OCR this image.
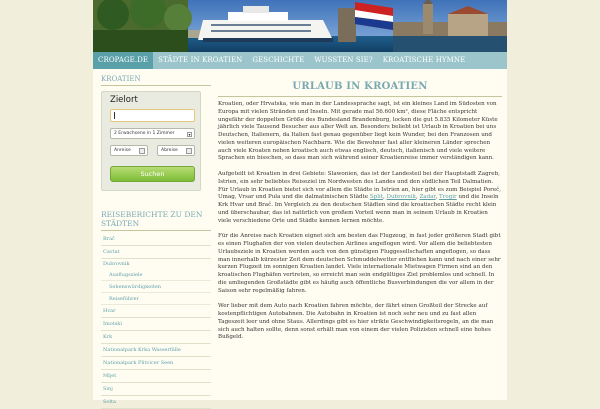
CROPAGE.DE	STÄDTE IN KROATIEN	GESCHICHTE	WUSSTEN SIE?	KROATISCHE HYMNE
KROATIEN
Zielort
2 Erwachsene in 1 Zimmer	▾
Anreise	Abreise
Suchen
REISEBERICHTE ZU DEN STÄDTEN
Brač
Cavtat
Dubrovnik
Ausflugsziele
Sehenswürdigkeiten
Reiseführer
Hvar
Imotski
Krk
Nationalpark Krka Wasserfälle
Nationalpark Plitvicer Seen
Mljet
Sinj
Solta
URLAUB IN KROATIEN

Kroatien, oder Hrvatska, wie man in der Landessprache sagt, ist ein kleines Land im Südosten von Europa mit vielen Stränden und Inseln. Mit gerade mal 56.600 km², diese Fläche entspricht ungefähr der doppelten Größe des Bundesland Brandenburg, locken die gut 5.835 Kilometer Küste jährlich viele Tausend Besucher aus aller Welt an. Besonders beliebt ist Urlaub in Kroatien bei uns Deutschen, Italienern, da Italien fast genau gegenüber liegt kein Wunder, bei den Franzosen und vielen weiteren europäischen Nachbarn. Wie die Bewohner fast aller kleineren Länder sprechen auch viele Kroaten neben kroatisch auch etwas englisch, deutsch, italienisch und viele weitere Sprachen ein bisschen, so dass man sich während seiner Kroatienreise immer verständigen kann.

Aufgeteilt ist Kroatien in drei Gebiete: Slawonien, das ist der Landesteil bei der Hauptstadt Zagreb, Istrien, ein sehr beliebtes Reiseziel im Nordwesten des Landes und den südlichen Teil Dalmatien. Für Urlaub in Kroatien bietet sich vor allem die Städte in Istrien an, hier gibt es zum Beispiel Poreč, Umag, Vrsar und Pula und die dalmatinischen Städte Split, Dubrovnik, Zadar, Trogir und die Inseln Krk Hvar und Brač. Im Vergleich zu den deutschen Städten sind die kroatischen Städte recht klein und überschaubar, das ist natürlich von großem Vorteil wenn man in seinem Urlaub in Kroatien viele verschiedene Orte und Städte kennen lernen möchte.

Für die Anreise nach Kroatien eignet sich am besten das Flugzeug, in fast jeder größeren Stadt gibt es einen Flughafen der von vielen deutschen Airlines angeflogen wird. Vor allem die beliebtesten Urlaubsziele in Kroatien werden auch von den günstigen Fluggesellschaften angeflogen, so dass man innerhalb kürzester Zeit dem deutschen Schmuddelwetter entfliehen kann und nach einer sehr kurzen Flugzeit im sonnigen Kroatien landet. Viele internationale Mietwagen Firmen sind an den kroatischen Flughäfen vertreten, so erreicht man sein endgültiges Ziel problemlos und schnell. In die umliegenden Großstädte gibt es häufig auch öffentliche Busverbindungen die vor allem in der Saison sehr regelmäßig fahren.

Wer lieber mit dem Auto nach Kroatien fahren möchte, der fährt einen Großteil der Strecke auf kostenpflichtigen Autobahnen. Die Autobahn in Kroatien ist noch sehr neu und zu fast allen Tageszeit leer und ohne Staus. Allerdings gibt es hier strikte Geschwindigkeitsregeln, an die man sich auch halten sollte, denn sonst erhält man von einem der vielen Polizisten schnell eine hohes Bußgeld.
